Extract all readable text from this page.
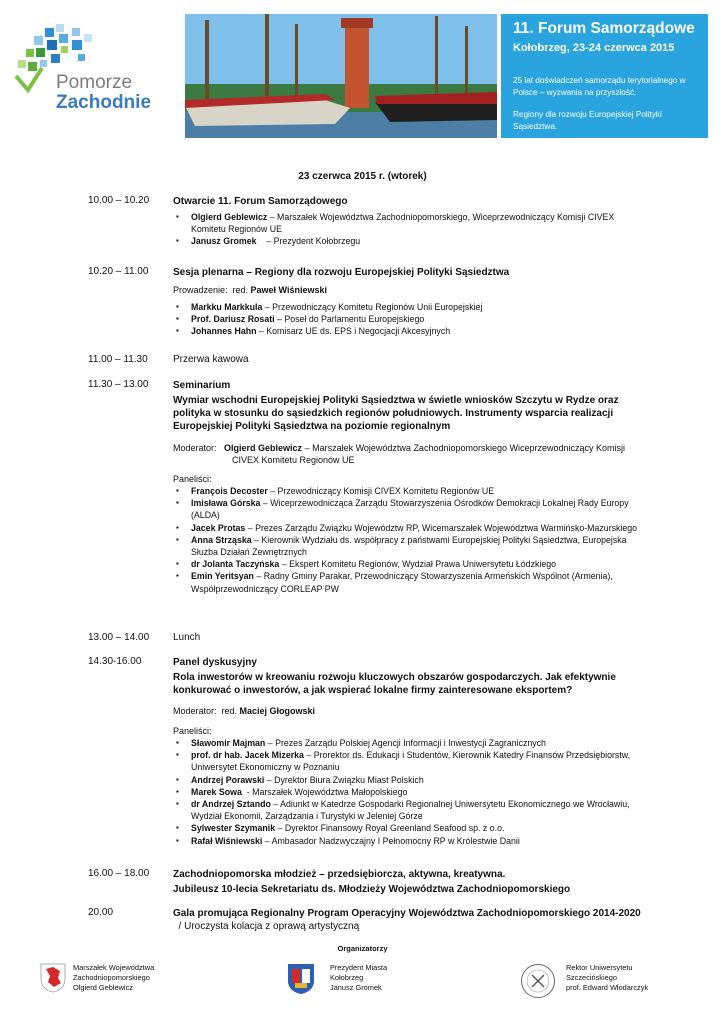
Pomorze
Zachodnie
11. Forum Samorządowe
Kołobrzeg, 23-24 czerwca 2015
25 lat doświadczeń samorządu terytorialnego w Polsce – wyzwania na przyszłość.
Regiony dla rozwoju Europejskiej Polityki Sąsiedztwa.
23 czerwca 2015 r. (wtorek)
10.00 – 10.20 Otwarcie 11. Forum Samorządowego
▪ Olgierd Geblewicz – Marszałek Województwa Zachodniopomorskiego, Wiceprzewodniczący Komisji CIVEX Komitetu Regionów UE
▪ Janusz Gromek    – Prezydent Kołobrzegu
10.20 – 11.00 Sesja plenarna – Regiony dla rozwoju Europejskiej Polityki Sąsiedztwa
Prowadzenie:  red. Paweł Wiśniewski
▪ Markku Markkula – Przewodniczący Komitetu Regionów Unii Europejskiej
▪ Prof. Dariusz Rosati – Poseł do Parlamentu Europejskiego
▪ Johannes Hahn – Komisarz UE ds. EPS i Negocjacji Akcesyjnych
11.00 – 11.30	Przerwa kawowa
11.30 – 13.00 Seminarium
Wymiar wschodni Europejskiej Polityki Sąsiedztwa w świetle wniosków Szczytu w Rydze oraz polityka w stosunku do sąsiedzkich regionów południowych. Instrumenty wsparcia realizacji Europejskiej Polityki Sąsiedztwa na poziomie regionalnym
Moderator:   Olgierd Geblewicz – Marszałek Województwa Zachodniopomorskiego Wiceprzewodniczący Komisji CIVEX Komitetu Regionów UE
Paneliści:
▪ François Decoster – Przewodniczący Komisji CIVEX Komitetu Regionów UE
▪ Imisława Górska – Wiceprzewodnicząca Zarządu Stowarzyszenia Ośrodków Demokracji Lokalnej Rady Europy (ALDA)
▪ Jacek Protas – Prezes Zarządu Związku Województw RP, Wicemarszałek Województwa Warmińsko-Mazurskiego
▪ Anna Strząska – Kierownik Wydziału ds. współpracy z państwami Europejskiej Polityki Sąsiedztwa, Europejska Służba Działań Zewnętrznych
▪ dr Jolanta Taczyńska – Ekspert Komitetu Regionów, Wydział Prawa Uniwersytetu Łódzkiego
▪ Emin Yeritsyan – Radny Gminy Parakar, Przewodniczący Stowarzyszenia Armeńskich Wspólnot (Armenia), Współprzewodniczący CORLEAP PW
13.00 – 14.00 Lunch
14.30-16.00	Panel dyskusyjny
Rola inwestorów w kreowaniu rozwoju kluczowych obszarów gospodarczych. Jak efektywnie konkurować o inwestorów, a jak wspierać lokalne firmy zainteresowane eksportem?
Moderator:  red. Maciej Głogowski
Paneliści:
▪ Sławomir Majman – Prezes Zarządu Polskiej Agencji Informacji i Inwestycji Zagranicznych
▪ prof. dr hab. Jacek Mizerka – Prorektor ds. Edukacji i Studentów, Kierownik Katedry Finansów Przedsiębiorstw, Uniwersytet Ekonomiczny w Poznaniu
▪ Andrzej Porawski – Dyrektor Biura Związku Miast Polskich
▪ Marek Sowa  - Marszałek Województwa Małopolskiego
▪ dr Andrzej Sztando – Adiunkt w Katedrze Gospodarki Regionalnej Uniwersytetu Ekonomicznego we Wrocławiu, Wydział Ekonomii, Zarządzania i Turystyki w Jeleniej Górze
▪ Sylwester Szymanik – Dyrektor Finansowy Royal Greenland Seafood sp. z o.o.
▪ Rafał Wiśniewski – Ambasador Nadzwyczajny I Pełnomocny RP w Królestwie Danii
16.00 – 18.00 Zachodniopomorska młodzież – przedsiębiorcza, aktywna, kreatywna.
Jubileusz 10-lecia Sekretariatu ds. Młodzieży Województwa Zachodniopomorskiego
20.00	Gala promująca Regionalny Program Operacyjny Województwa Zachodniopomorskiego 2014-2020  / Uroczysta kolacja z oprawą artystyczną
Organizatorzy
Marszałek Województwa
Zachodniopomorskiego
Olgierd Geblewicz
Prezydent Miasta
Kołobrzeg
Janusz Gromek
Rektor Uniwersytetu
Szczecińskiego
prof. Edward Włodarczyk
